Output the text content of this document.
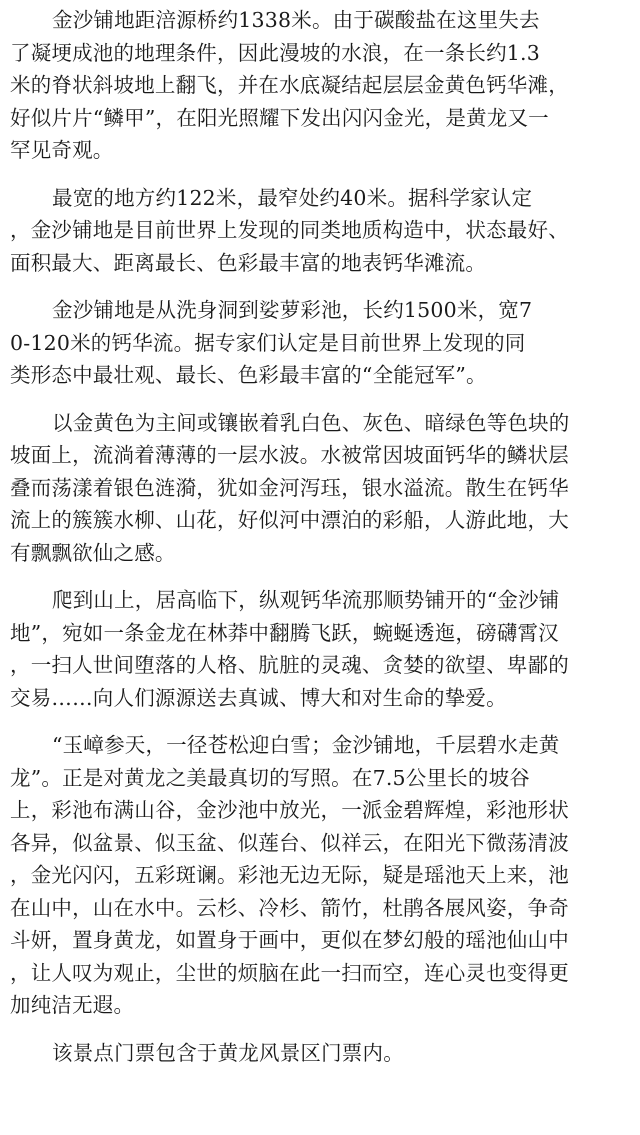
金沙铺地距涪源桥约1338米。由于碳酸盐在这里失去
了凝埂成池的地理条件，因此漫坡的水浪，在一条长约1.3
米的脊状斜坡地上翻飞，并在水底凝结起层层金黄色钙华滩，
好似片片“鳞甲”，在阳光照耀下发出闪闪金光，是黄龙又一
罕见奇观。
最宽的地方约122米，最窄处约40米。据科学家认定
，金沙铺地是目前世界上发现的同类地质构造中，状态最好、
面积最大、距离最长、色彩最丰富的地表钙华滩流。
金沙铺地是从洗身洞到娑萝彩池，长约1500米，宽7
0-120米的钙华流。据专家们认定是目前世界上发现的同
类形态中最壮观、最长、色彩最丰富的“全能冠军”。
以金黄色为主间或镶嵌着乳白色、灰色、暗绿色等色块的
坡面上，流淌着薄薄的一层水波。水被常因坡面钙华的鳞状层
叠而荡漾着银色涟漪，犹如金河泻珏，银水溢流。散生在钙华
流上的簇簇水柳、山花，好似河中漂泊的彩船，人游此地，大
有飘飘欲仙之感。
爬到山上，居高临下，纵观钙华流那顺势铺开的“金沙铺
地”，宛如一条金龙在林莽中翻腾飞跃，蜿蜒透迤，磅礴霄汉
，一扫人世间堕落的人格、肮脏的灵魂、贪婪的欲望、卑鄙的
交易……向人们源源送去真诚、博大和对生命的挚爱。
“玉嶂参天，一径苍松迎白雪；金沙铺地，千层碧水走黄
龙”。正是对黄龙之美最真切的写照。在7.5公里长的坡谷
上，彩池布满山谷，金沙池中放光，一派金碧辉煌，彩池形状
各异，似盆景、似玉盆、似莲台、似祥云，在阳光下微荡清波
，金光闪闪，五彩斑谰。彩池无边无际，疑是瑶池天上来，池
在山中，山在水中。云杉、冷杉、箭竹，杜鹃各展风姿，争奇
斗妍，置身黄龙，如置身于画中，更似在梦幻般的瑶池仙山中
，让人叹为观止，尘世的烦脑在此一扫而空，连心灵也变得更
加纯洁无遐。
该景点门票包含于黄龙风景区门票内。
